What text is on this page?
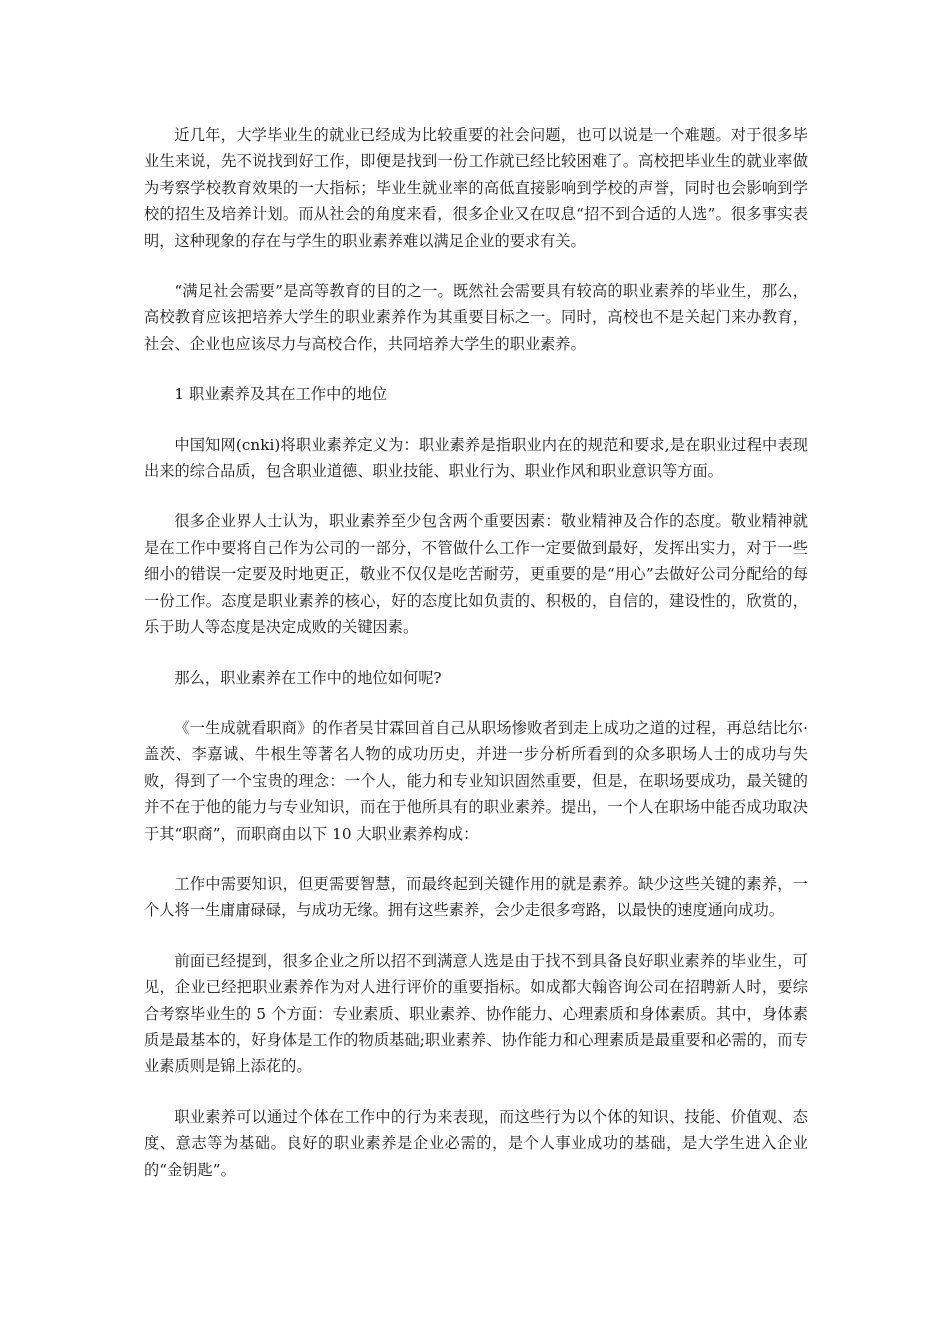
近几年，大学毕业生的就业已经成为比较重要的社会问题，也可以说是一个难题。对于很多毕业生来说，先不说找到好工作，即便是找到一份工作就已经比较困难了。高校把毕业生的就业率做为考察学校教育效果的一大指标；毕业生就业率的高低直接影响到学校的声誉，同时也会影响到学校的招生及培养计划。而从社会的角度来看，很多企业又在叹息“招不到合适的人选”。很多事实表明，这种现象的存在与学生的职业素养难以满足企业的要求有关。

“满足社会需要”是高等教育的目的之一。既然社会需要具有较高的职业素养的毕业生，那么，高校教育应该把培养大学生的职业素养作为其重要目标之一。同时，高校也不是关起门来办教育，社会、企业也应该尽力与高校合作，共同培养大学生的职业素养。

1 职业素养及其在工作中的地位

中国知网(cnki)将职业素养定义为：职业素养是指职业内在的规范和要求,是在职业过程中表现出来的综合品质，包含职业道德、职业技能、职业行为、职业作风和职业意识等方面。

很多企业界人士认为，职业素养至少包含两个重要因素：敬业精神及合作的态度。敬业精神就是在工作中要将自己作为公司的一部分，不管做什么工作一定要做到最好，发挥出实力，对于一些细小的错误一定要及时地更正，敬业不仅仅是吃苦耐劳，更重要的是“用心”去做好公司分配给的每一份工作。态度是职业素养的核心，好的态度比如负责的、积极的，自信的，建设性的，欣赏的，乐于助人等态度是决定成败的关键因素。

那么，职业素养在工作中的地位如何呢?

《一生成就看职商》的作者吴甘霖回首自己从职场惨败者到走上成功之道的过程，再总结比尔·盖茨、李嘉诚、牛根生等著名人物的成功历史，并进一步分析所看到的众多职场人士的成功与失败，得到了一个宝贵的理念：一个人，能力和专业知识固然重要，但是，在职场要成功，最关键的并不在于他的能力与专业知识，而在于他所具有的职业素养。提出，一个人在职场中能否成功取决于其“职商”，而职商由以下 10 大职业素养构成：

工作中需要知识，但更需要智慧，而最终起到关键作用的就是素养。缺少这些关键的素养，一个人将一生庸庸碌碌，与成功无缘。拥有这些素养，会少走很多弯路，以最快的速度通向成功。

前面已经提到，很多企业之所以招不到满意人选是由于找不到具备良好职业素养的毕业生，可见，企业已经把职业素养作为对人进行评价的重要指标。如成都大翰咨询公司在招聘新人时，要综合考察毕业生的 5 个方面：专业素质、职业素养、协作能力、心理素质和身体素质。其中，身体素质是最基本的，好身体是工作的物质基础;职业素养、协作能力和心理素质是最重要和必需的，而专业素质则是锦上添花的。

职业素养可以通过个体在工作中的行为来表现，而这些行为以个体的知识、技能、价值观、态度、意志等为基础。良好的职业素养是企业必需的，是个人事业成功的基础，是大学生进入企业的“金钥匙”。
